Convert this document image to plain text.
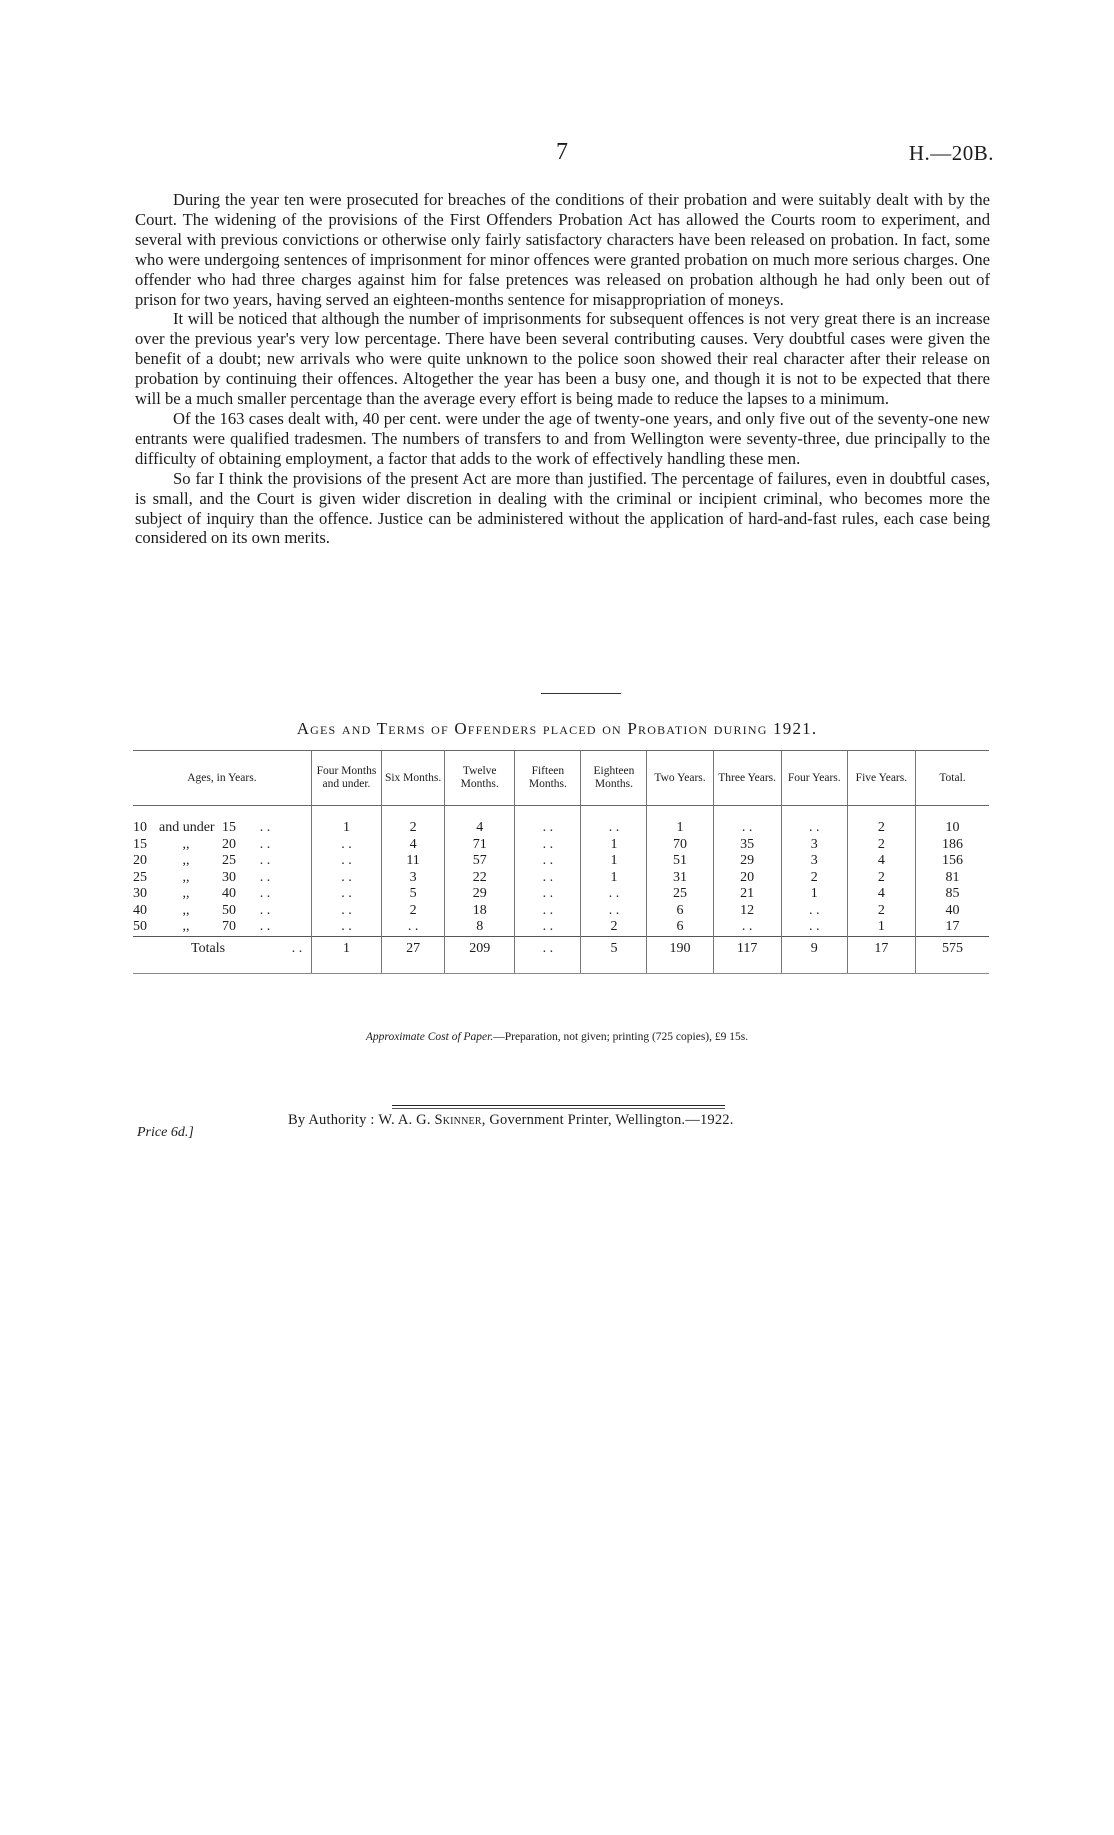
7	H.—20B.

During the year ten were prosecuted for breaches of the conditions of their probation and were suitably dealt with by the Court. The widening of the provisions of the First Offenders Probation Act has allowed the Courts room to experiment, and several with previous convictions or otherwise only fairly satisfactory characters have been released on probation. In fact, some who were undergoing sentences of imprisonment for minor offences were granted probation on much more serious charges. One offender who had three charges against him for false pretences was released on probation although he had only been out of prison for two years, having served an eighteen-months sentence for misappropriation of moneys.

It will be noticed that although the number of imprisonments for subsequent offences is not very great there is an increase over the previous year's very low percentage. There have been several contributing causes. Very doubtful cases were given the benefit of a doubt; new arrivals who were quite unknown to the police soon showed their real character after their release on probation by continuing their offences. Altogether the year has been a busy one, and though it is not to be expected that there will be a much smaller percentage than the average every effort is being made to reduce the lapses to a minimum.

Of the 163 cases dealt with, 40 per cent. were under the age of twenty-one years, and only five out of the seventy-one new entrants were qualified tradesmen. The numbers of transfers to and from Wellington were seventy-three, due principally to the difficulty of obtaining employment, a factor that adds to the work of effectively handling these men.

So far I think the provisions of the present Act are more than justified. The percentage of failures, even in doubtful cases, is small, and the Court is given wider discretion in dealing with the criminal or incipient criminal, who becomes more the subject of inquiry than the offence. Justice can be administered without the application of hard-and-fast rules, each case being considered on its own merits.

Ages and Terms of Offenders placed on Probation during 1921.
Ages, in Years.	Four Months and under.	Six Months.	Twelve Months.	Fifteen Months.	Eighteen Months.	Two Years.	Three Years.	Four Years.	Five Years.	Total.

10 and under 15 . .	1	2	4	. .	. .	1	. .	. .	2	10

15 ,, 20 . .	. .	4	71	. .	1	70	35	3	2	186

20 ,, 25 . .	. .	11	57	. .	1	51	29	3	4	156

25 ,, 30 . .	. .	3	22	. .	1	31	20	2	2	81

30 ,, 40 . .	. .	5	29	. .	. .	25	21	1	4	85

40 ,, 50 . .	. .	2	18	. .	. .	6	12	. .	2	40

50 ,, 70 . .	. .	. .	8	. .	2	6	. .	. .	1	17

Totals . .	1	27	209	. .	5	190	117	9	17	575
Approximate Cost of Paper.—Preparation, not given; printing (725 copies), £9 15s.
Price 6d.]
By Authority : W. A. G. Skinner, Government Printer, Wellington.—1922.
